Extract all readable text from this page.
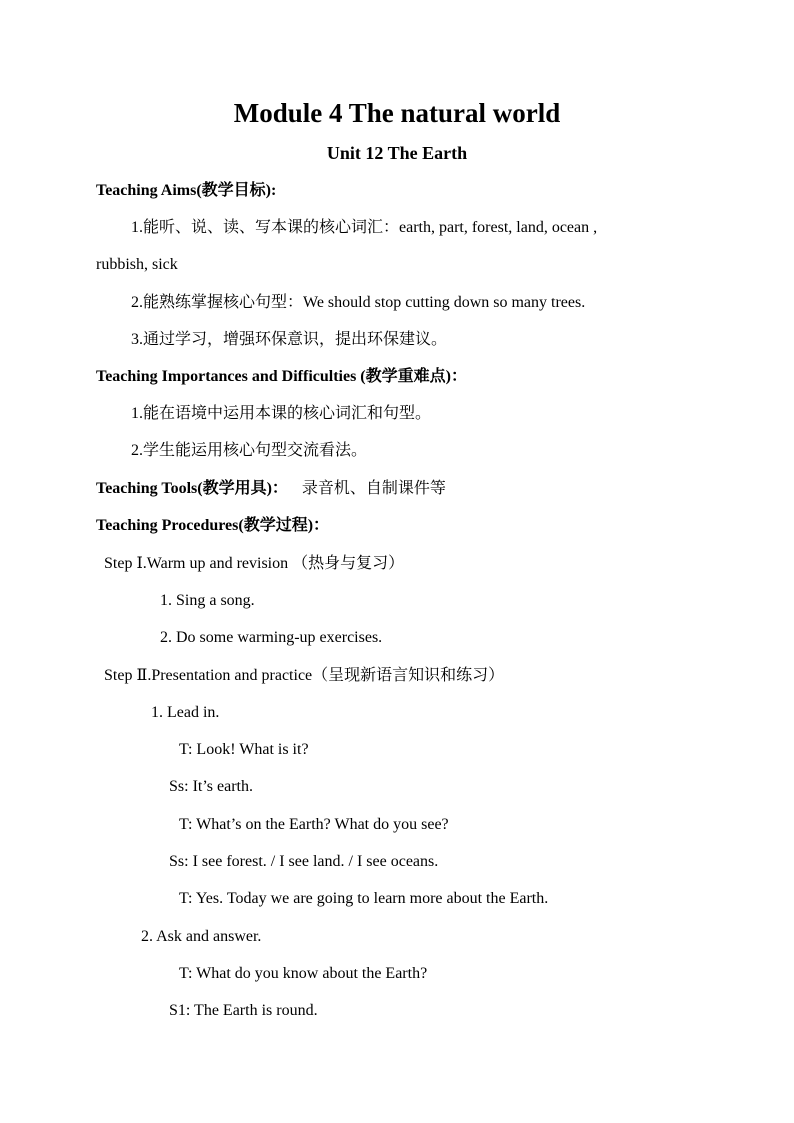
Module 4 The natural world
Unit 12 The Earth
Teaching Aims(教学目标):
1.能听、说、读、写本课的核心词汇：earth, part, forest, land, ocean ,
rubbish, sick
2.能熟练掌握核心句型：We should stop cutting down so many trees.
3.通过学习，增强环保意识，提出环保建议。
Teaching Importances and Difficulties (教学重难点)：
1.能在语境中运用本课的核心词汇和句型。
2.学生能运用核心句型交流看法。
Teaching Tools(教学用具)： 录音机、自制课件等
Teaching Procedures(教学过程)：
Step Ⅰ.Warm up and revision （热身与复习）
1. Sing a song.
2. Do some warming-up exercises.
Step Ⅱ.Presentation and practice（呈现新语言知识和练习）
1. Lead in.
T: Look! What is it?
Ss: It’s earth.
T: What’s on the Earth? What do you see?
Ss: I see forest. / I see land. / I see oceans.
T: Yes. Today we are going to learn more about the Earth.
2. Ask and answer.
T: What do you know about the Earth?
S1: The Earth is round.
